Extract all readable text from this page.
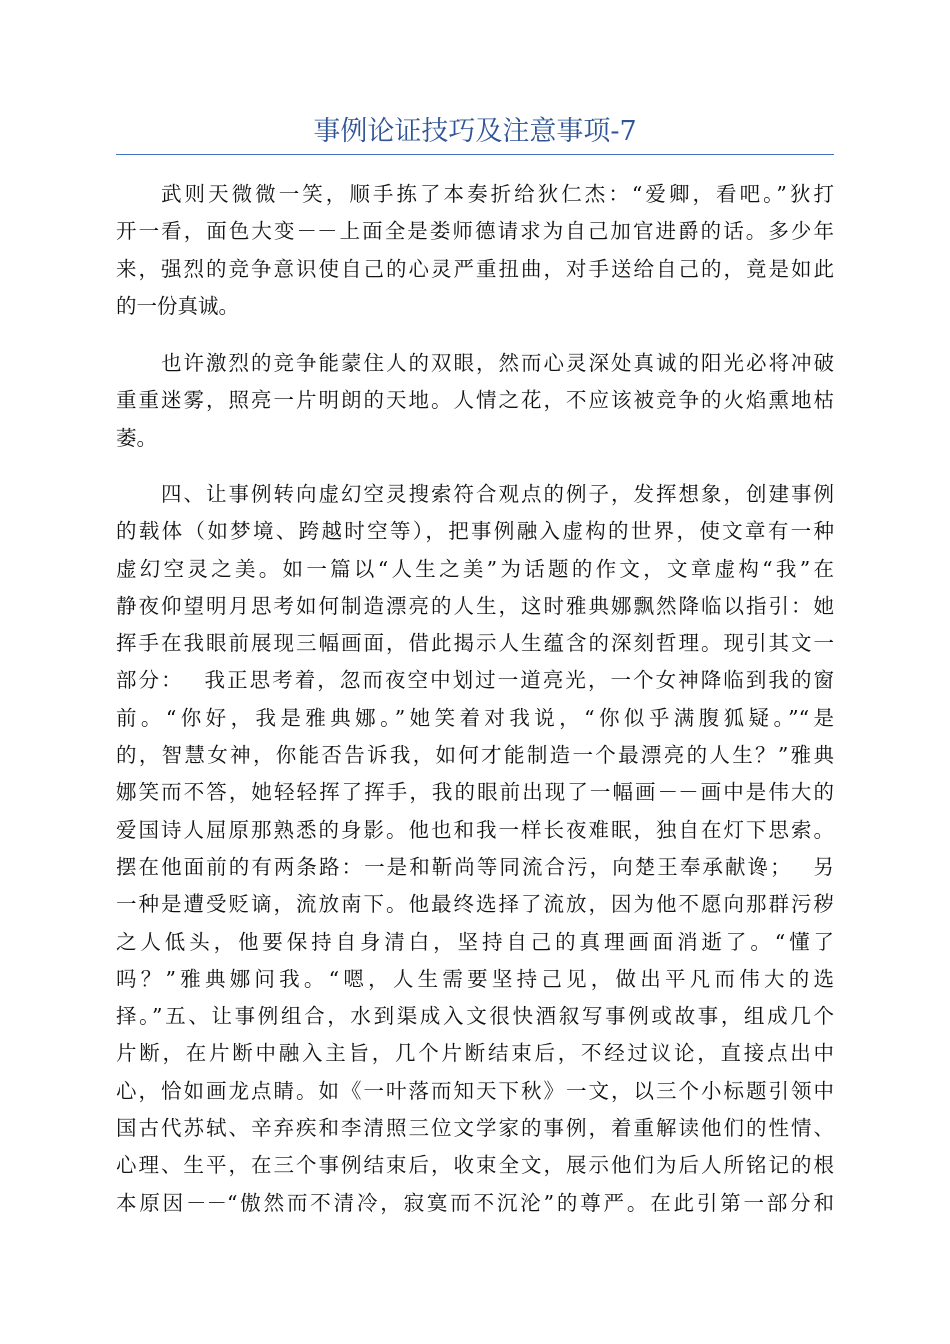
事例论证技巧及注意事项-7
武则天微微一笑，顺手拣了本奏折给狄仁杰：“爱卿，看吧。”狄打
开一看，面色大变－－上面全是娄师德请求为自己加官进爵的话。多少年
来，强烈的竞争意识使自己的心灵严重扭曲，对手送给自己的，竟是如此
的一份真诚。
也许激烈的竞争能蒙住人的双眼，然而心灵深处真诚的阳光必将冲破
重重迷雾，照亮一片明朗的天地。人情之花，不应该被竞争的火焰熏地枯
萎。
四、让事例转向虚幻空灵搜索符合观点的例子，发挥想象，创建事例
的载体（如梦境、跨越时空等），把事例融入虚构的世界，使文章有一种
虚幻空灵之美。如一篇以“人生之美”为话题的作文，文章虚构“我”在
静夜仰望明月思考如何制造漂亮的人生，这时雅典娜飘然降临以指引：她
挥手在我眼前展现三幅画面，借此揭示人生蕴含的深刻哲理。现引其文一
部分：　 我正思考着，忽而夜空中划过一道亮光，一个女神降临到我的窗
前。“你好，我是雅典娜。”她笑着对我说，“你似乎满腹狐疑。”“是
的，智慧女神，你能否告诉我，如何才能制造一个最漂亮的人生？”雅典
娜笑而不答，她轻轻挥了挥手，我的眼前出现了一幅画－－画中是伟大的
爱国诗人屈原那熟悉的身影。他也和我一样长夜难眠，独自在灯下思索。
摆在他面前的有两条路：一是和靳尚等同流合污，向楚王奉承献谗；　 另
一种是遭受贬谪，流放南下。他最终选择了流放，因为他不愿向那群污秽
之人低头，他要保持自身清白，坚持自己的真理画面消逝了。“懂了
吗？”雅典娜问我。“嗯，人生需要坚持己见，做出平凡而伟大的选
择。”五、让事例组合，水到渠成入文很快酒叙写事例或故事，组成几个
片断，在片断中融入主旨，几个片断结束后，不经过议论，直接点出中
心，恰如画龙点睛。如《一叶落而知天下秋》一文，以三个小标题引领中
国古代苏轼、辛弃疾和李清照三位文学家的事例，着重解读他们的性情、
心理、生平，在三个事例结束后，收束全文，展示他们为后人所铭记的根
本原因－－“傲然而不清冷，寂寞而不沉沦”的尊严。在此引第一部分和
